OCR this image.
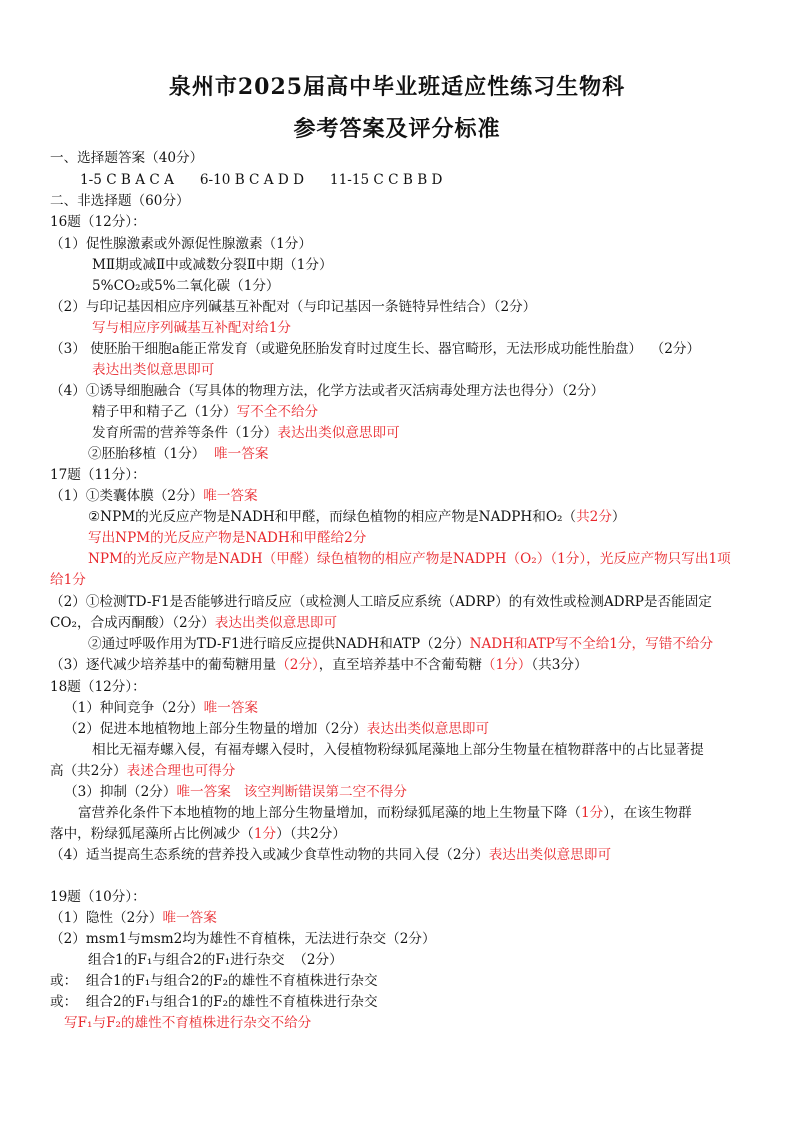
泉州市2025届高中毕业班适应性练习生物科
参考答案及评分标准
一、选择题答案（40分）
1-5 C B A C A      6-10 B C A D D      11-15 C C B B D
二、非选择题（60分）
16题（12分）：
（1）促性腺激素或外源促性腺激素（1分）
MⅡ期或减Ⅱ中或减数分裂Ⅱ中期（1分）
5%CO₂或5%二氧化碳（1分）
（2）与印记基因相应序列碱基互补配对（与印记基因一条链特异性结合）（2分）
写与相应序列碱基互补配对给1分
（3） 使胚胎干细胞a能正常发育（或避免胚胎发育时过度生长、器官畸形，无法形成功能性胎盘）  （2分）
表达出类似意思即可
（4）①诱导细胞融合（写具体的物理方法，化学方法或者灭活病毒处理方法也得分）（2分）
精子甲和精子乙（1分）写不全不给分
发育所需的营养等条件（1分）表达出类似意思即可
②胚胎移植（1分）  唯一答案
17题（11分）：
（1）①类囊体膜（2分）唯一答案
②NPM的光反应产物是NADH和甲醛，而绿色植物的相应产物是NADPH和O₂（共2分）
写出NPM的光反应产物是NADH和甲醛给2分
NPM的光反应产物是NADH（甲醛）绿色植物的相应产物是NADPH（O₂）（1分），光反应产物只写出1项
给1分
（2）①检测TD-F1是否能够进行暗反应（或检测人工暗反应系统（ADRP）的有效性或检测ADRP是否能固定
CO₂，合成丙酮酸）（2分）表达出类似意思即可
②通过呼吸作用为TD-F1进行暗反应提供NADH和ATP（2分）NADH和ATP写不全给1分，写错不给分
（3）逐代减少培养基中的葡萄糖用量（2分），直至培养基中不含葡萄糖（1分）（共3分）
18题（12分）：
（1）种间竞争（2分）唯一答案
（2）促进本地植物地上部分生物量的增加（2分）表达出类似意思即可
相比无福寿螺入侵，有福寿螺入侵时，入侵植物粉绿狐尾藻地上部分生物量在植物群落中的占比显著提
高（共2分）表述合理也可得分
（3）抑制（2分）唯一答案   该空判断错误第二空不得分
富营养化条件下本地植物的地上部分生物量增加，而粉绿狐尾藻的地上生物量下降（1分），在该生物群
落中，粉绿狐尾藻所占比例减少（1分）（共2分）
（4）适当提高生态系统的营养投入或减少食草性动物的共同入侵（2分）表达出类似意思即可
19题（10分）：
（1）隐性（2分）唯一答案
（2）msm1与msm2均为雄性不育植株，无法进行杂交（2分）
组合1的F₁与组合2的F₁进行杂交  （2分）
或：  组合1的F₁与组合2的F₂的雄性不育植株进行杂交
或：  组合2的F₁与组合1的F₂的雄性不育植株进行杂交
写F₁与F₂的雄性不育植株进行杂交不给分
